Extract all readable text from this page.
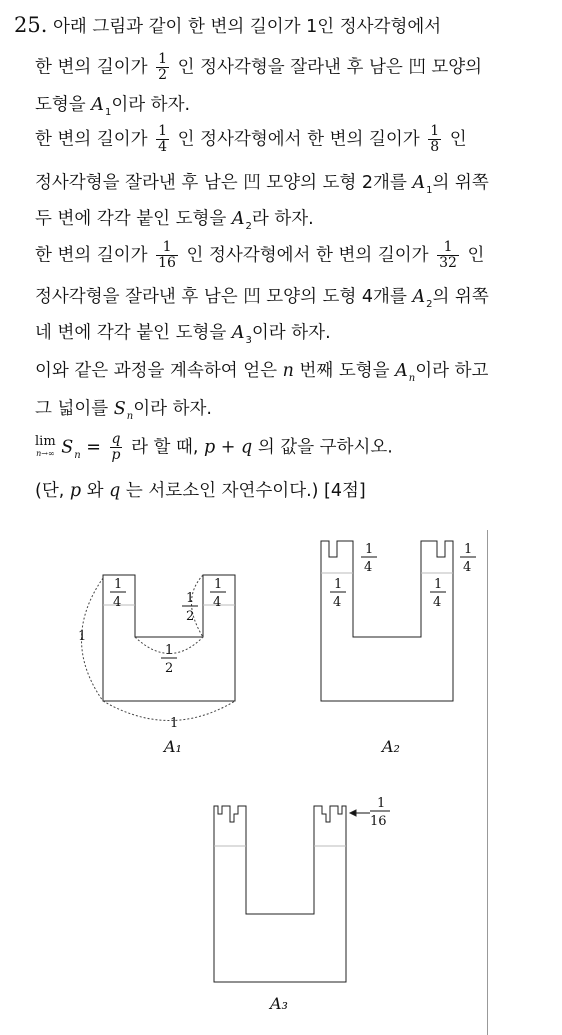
25. 아래 그림과 같이 한 변의 길이가 1인 정사각형에서
한 변의 길이가 $\frac{1}{2}$ 인 정사각형을 잘라낸 후 남은 凹 모양의
도형을 $A_1$이라 하자.
한 변의 길이가 $\frac{1}{4}$ 인 정사각형에서 한 변의 길이가 $\frac{1}{8}$ 인
정사각형을 잘라낸 후 남은 凹 모양의 도형 2개를 $A_1$의 위쪽
두 변에 각각 붙인 도형을 $A_2$라 하자.
한 변의 길이가 $\frac{1}{16}$ 인 정사각형에서 한 변의 길이가 $\frac{1}{32}$ 인
정사각형을 잘라낸 후 남은 凹 모양의 도형 4개를 $A_2$의 위쪽
네 변에 각각 붙인 도형을 $A_3$이라 하자.
이와 같은 과정을 계속하여 얻은 n 번째 도형을 $A_n$이라 하고
그 넓이를 $S_n$이라 하자.
lim
n→∞ $S_n = \frac{q}{p}$ 라 할 때, p + q 의 값을 구하시오.
(단, p 와 q 는 서로소인 자연수이다.) [4점]
1
4
1
4
1
2
1
2
1
1
A₁
1
4
1
4
1
4
1
4
A₂
1
16
A₃
